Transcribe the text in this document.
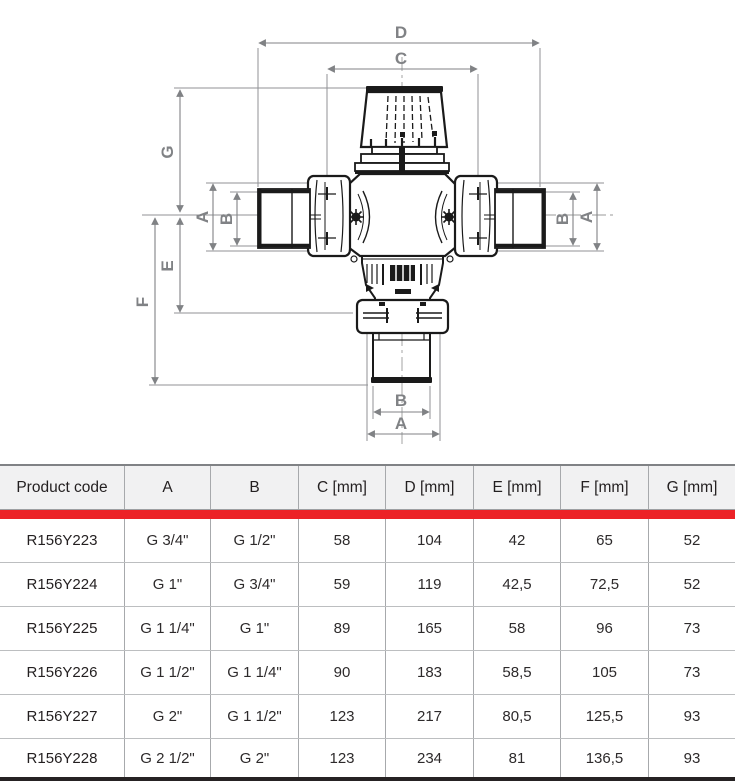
D
C
G
A B
E
F
B A
B
A
Product code	A	B	C [mm]	D [mm]	E [mm]	F [mm]	G [mm]
R156Y223	G 3/4"	G 1/2"	58	104	42	65	52
R156Y224	G 1"	G 3/4"	59	119	42,5	72,5	52
R156Y225	G 1 1/4"	G 1"	89	165	58	96	73
R156Y226	G 1 1/2"	G 1 1/4"	90	183	58,5	105	73
R156Y227	G 2"	G 1 1/2"	123	217	80,5	125,5	93
R156Y228	G 2 1/2"	G 2"	123	234	81	136,5	93
